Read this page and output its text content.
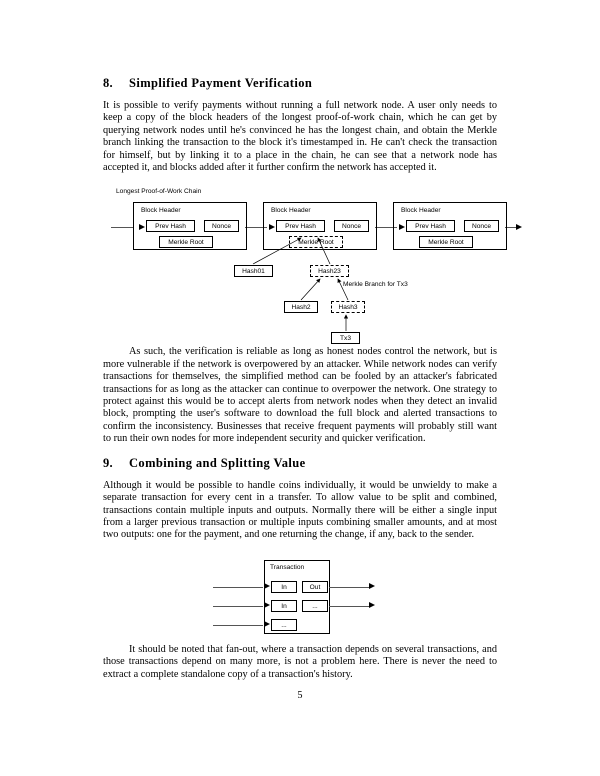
8. Simplified Payment Verification

It is possible to verify payments without running a full network node. A user only needs to keep a copy of the block headers of the longest proof-of-work chain, which he can get by querying network nodes until he's convinced he has the longest chain, and obtain the Merkle branch linking the transaction to the block it's timestamped in. He can't check the transaction for himself, but by linking it to a place in the chain, he can see that a network node has accepted it, and blocks added after it further confirm the network has accepted it.

Longest Proof-of-Work Chain
Block Header
Prev Hash	Nonce
Merkle Root
Block Header
Prev Hash	Nonce
Merkle Root
Block Header
Prev Hash	Nonce
Merkle Root
Hash01	Hash23
Hash2	Hash3
Tx3
Merkle Branch for Tx3

As such, the verification is reliable as long as honest nodes control the network, but is more vulnerable if the network is overpowered by an attacker. While network nodes can verify transactions for themselves, the simplified method can be fooled by an attacker's fabricated transactions for as long as the attacker can continue to overpower the network. One strategy to protect against this would be to accept alerts from network nodes when they detect an invalid block, prompting the user's software to download the full block and alerted transactions to confirm the inconsistency. Businesses that receive frequent payments will probably still want to run their own nodes for more independent security and quicker verification.

9. Combining and Splitting Value

Although it would be possible to handle coins individually, it would be unwieldy to make a separate transaction for every cent in a transfer. To allow value to be split and combined, transactions contain multiple inputs and outputs. Normally there will be either a single input from a larger previous transaction or multiple inputs combining smaller amounts, and at most two outputs: one for the payment, and one returning the change, if any, back to the sender.

Transaction
In
In
...
Out
...

It should be noted that fan-out, where a transaction depends on several transactions, and those transactions depend on many more, is not a problem here. There is never the need to extract a complete standalone copy of a transaction's history.

5
